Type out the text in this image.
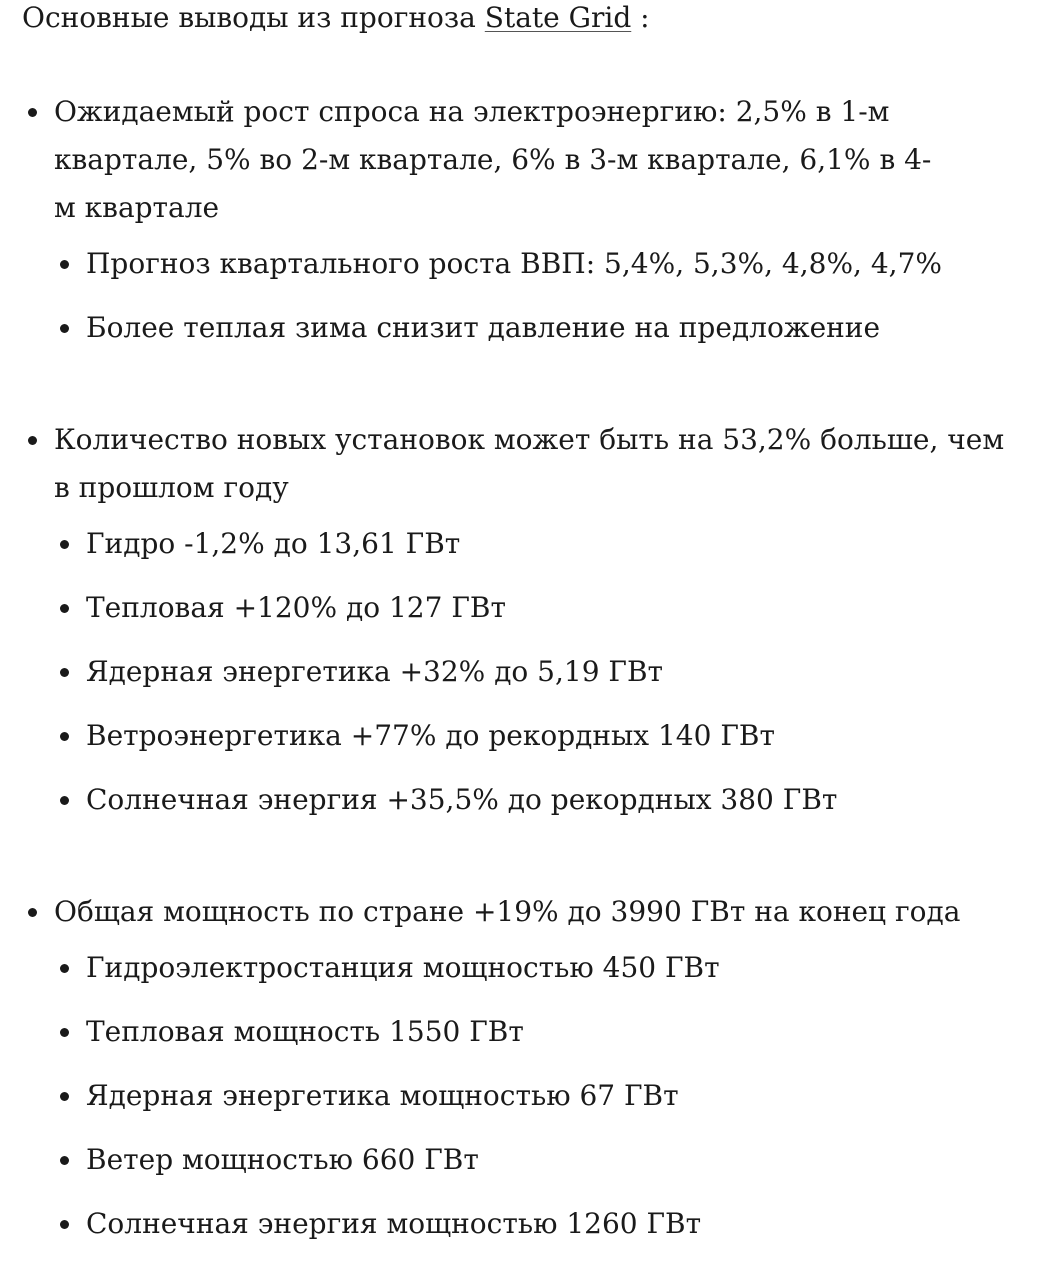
Основные выводы из прогноза State Grid :

Ожидаемый рост спроса на электроэнергию: 2,5% в 1-м квартале, 5% во 2-м квартале, 6% в 3-м квартале, 6,1% в 4-м квартале
Прогноз квартального роста ВВП: 5,4%, 5,3%, 4,8%, 4,7%
Более теплая зима снизит давление на предложение
Количество новых установок может быть на 53,2% больше, чем в прошлом году
Гидро -1,2% до 13,61 ГВт
Тепловая +120% до 127 ГВт
Ядерная энергетика +32% до 5,19 ГВт
Ветроэнергетика +77% до рекордных 140 ГВт
Солнечная энергия +35,5% до рекордных 380 ГВт
Общая мощность по стране +19% до 3990 ГВт на конец года
Гидроэлектростанция мощностью 450 ГВт
Тепловая мощность 1550 ГВт
Ядерная энергетика мощностью 67 ГВт
Ветер мощностью 660 ГВт
Солнечная энергия мощностью 1260 ГВт
